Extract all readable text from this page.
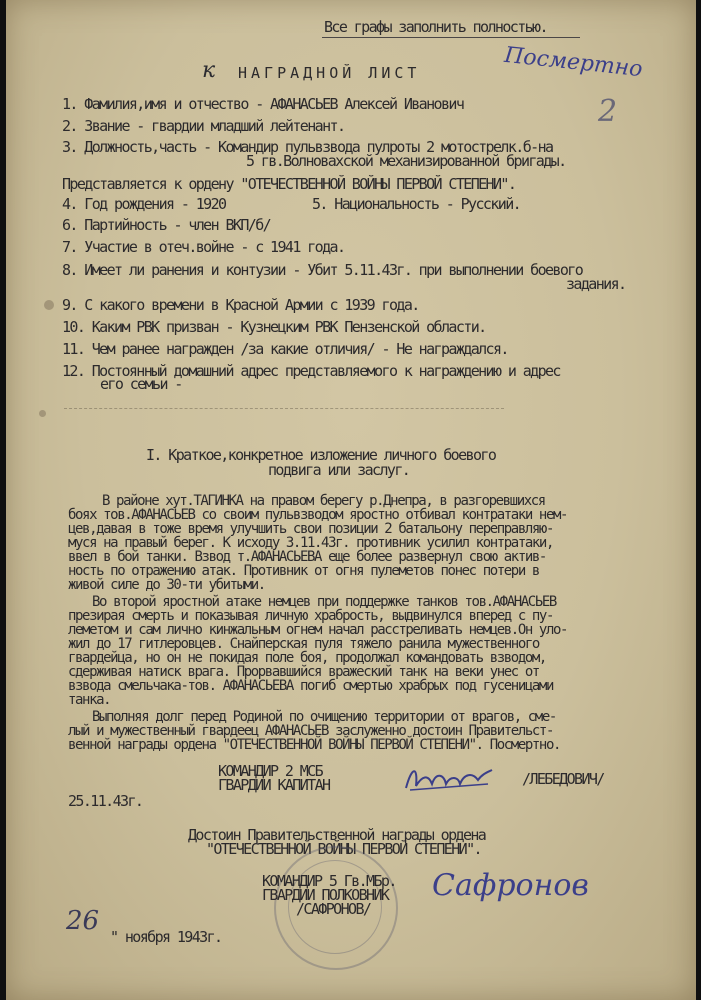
Все графы заполнить полностью.
Посмертно
к НАГРАДНОЙ ЛИСТ
2
1. Фамилия,имя и отчество - АФАНАСЬЕВ Алексей Иванович
2. Звание - гвардии младший лейтенант.
3. Должность,часть - Командир пульвзвода пулроты 2 мотострелк.б-на
5 гв.Волновахской механизированной бригады.
Представляется к ордену "ОТЕЧЕСТВЕННОЙ ВОЙНЫ ПЕРВОЙ СТЕПЕНИ".
4. Год рождения - 1920	5. Национальность - Русский.
6. Партийность - член ВКП/б/
7. Участие в отеч.войне - с 1941 года.
8. Имеет ли ранения и контузии - Убит 5.11.43г. при выполнении боевого
задания.
9. С какого времени в Красной Армии с 1939 года.
10. Каким РВК призван - Кузнецким РВК Пензенской области.
11. Чем ранее награжден /за какие отличия/ - Не награждался.
12. Постоянный домашний адрес представляемого к награждению и адрес
его семьи -
I. Краткое,конкретное изложение личного боевого
подвига или заслуг.
В районе хут.ТАГИНКА на правом берегу р.Днепра, в разгоревшихся
боях тов.АФАНАСЬЕВ со своим пульвзводом яростно отбивал контратаки нем-
цев,давая в тоже время улучшить свои позиции 2 батальону переправляю-
муся на правый берег. К исходу 3.11.43г. противник усилил контратаки,
ввел в бой танки. Взвод т.АФАНАСЬЕВА еще более развернул свою актив-
ность по отражению атак. Противник от огня пулеметов понес потери в
живой силе до 30-ти убитыми.
Во второй яростной атаке немцев при поддержке танков тов.АФАНАСЬЕВ
презирая смерть и показывая личную храбрость, выдвинулся вперед с пу-
леметом и сам лично кинжальным огнем начал расстреливать немцев.Он уло-
жил до 17 гитлеровцев. Снайперская пуля тяжело ранила мужественного
гвардейца, но он не покидая поле боя, продолжал командовать взводом,
сдерживая натиск врага. Прорвавшийся вражеский танк на веки унес от
взвода смельчака-тов. АФАНАСЬЕВА погиб смертью храбрых под гусеницами
танка.
Выполняя долг перед Родиной по очищению территории от врагов, сме-
лый и мужественный гвардеец АФАНАСЬЕВ заслуженно достоин Правительст-
венной награды ордена "ОТЕЧЕСТВЕННОЙ ВОЙНЫ ПЕРВОЙ СТЕПЕНИ". Посмертно.
КОМАНДИР 2 МСБ
ГВАРДИИ КАПИТАН	/ЛЕБЕДОВИЧ/
25.11.43г.
Достоин Правительственной награды ордена
"ОТЕЧЕСТВЕННОЙ ВОЙНЫ ПЕРВОЙ СТЕПЕНИ".
КОМАНДИР 5 Гв.МБр.
ГВАРДИИ ПОЛКОВНИК
/САФРОНОВ/
Сафронов
26
" ноября 1943г.
